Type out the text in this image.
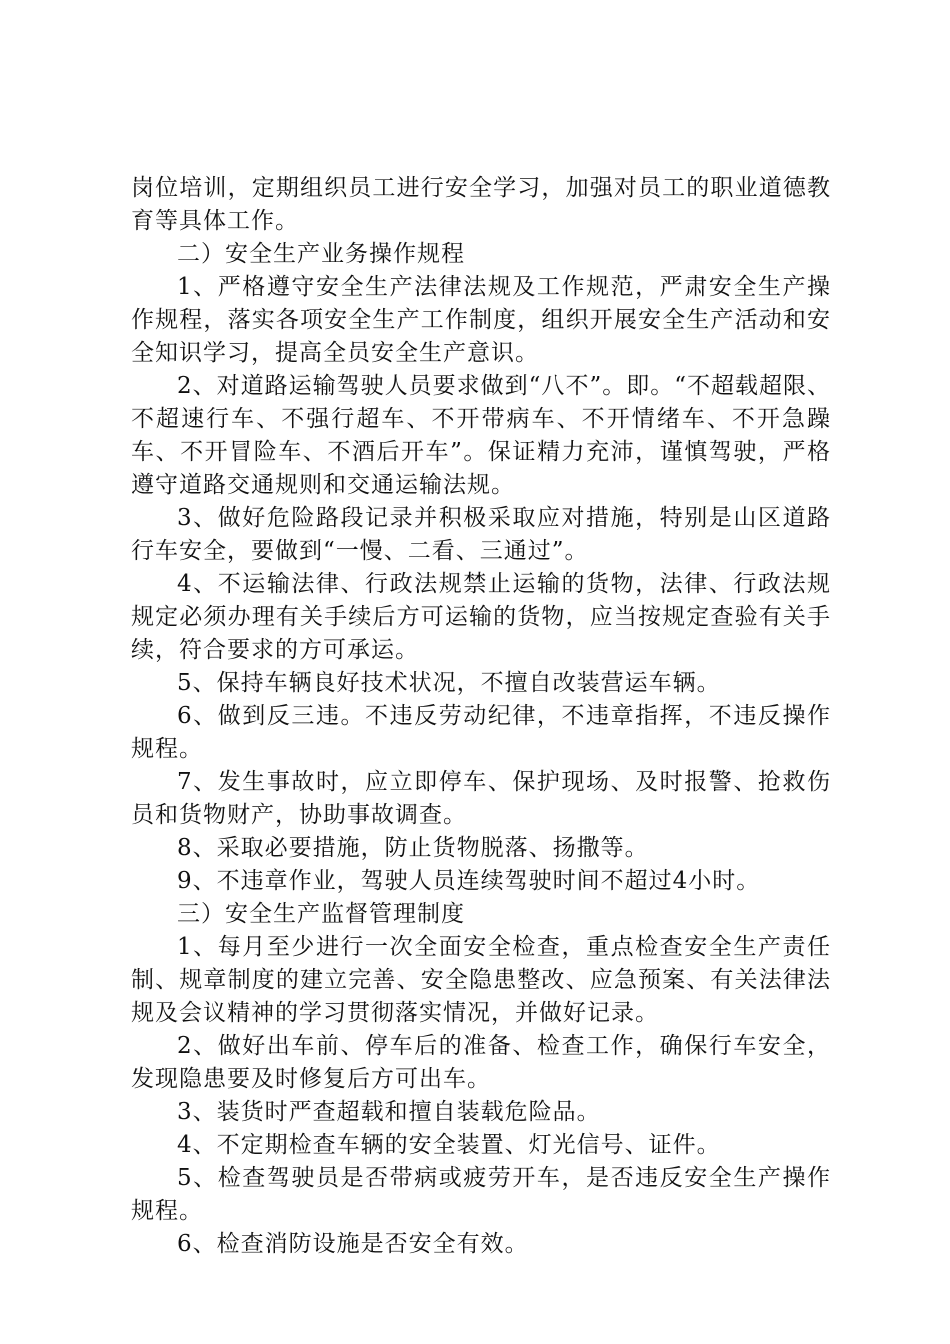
岗位培训，定期组织员工进行安全学习，加强对员工的职业道德教育等具体工作。

二）安全生产业务操作规程

1、严格遵守安全生产法律法规及工作规范，严肃安全生产操作规程，落实各项安全生产工作制度，组织开展安全生产活动和安全知识学习，提高全员安全生产意识。

2、对道路运输驾驶人员要求做到“八不”。即。“不超载超限、不超速行车、不强行超车、不开带病车、不开情绪车、不开急躁车、不开冒险车、不酒后开车”。保证精力充沛，谨慎驾驶，严格遵守道路交通规则和交通运输法规。

3、做好危险路段记录并积极采取应对措施，特别是山区道路行车安全，要做到“一慢、二看、三通过”。

4、不运输法律、行政法规禁止运输的货物，法律、行政法规规定必须办理有关手续后方可运输的货物，应当按规定查验有关手续，符合要求的方可承运。

5、保持车辆良好技术状况，不擅自改装营运车辆。

6、做到反三违。不违反劳动纪律，不违章指挥，不违反操作规程。

7、发生事故时，应立即停车、保护现场、及时报警、抢救伤员和货物财产，协助事故调查。

8、采取必要措施，防止货物脱落、扬撒等。

9、不违章作业，驾驶人员连续驾驶时间不超过4小时。

三）安全生产监督管理制度

1、每月至少进行一次全面安全检查，重点检查安全生产责任制、规章制度的建立完善、安全隐患整改、应急预案、有关法律法规及会议精神的学习贯彻落实情况，并做好记录。

2、做好出车前、停车后的准备、检查工作，确保行车安全，发现隐患要及时修复后方可出车。

3、装货时严查超载和擅自装载危险品。

4、不定期检查车辆的安全装置、灯光信号、证件。

5、检查驾驶员是否带病或疲劳开车，是否违反安全生产操作规程。

6、检查消防设施是否安全有效。
